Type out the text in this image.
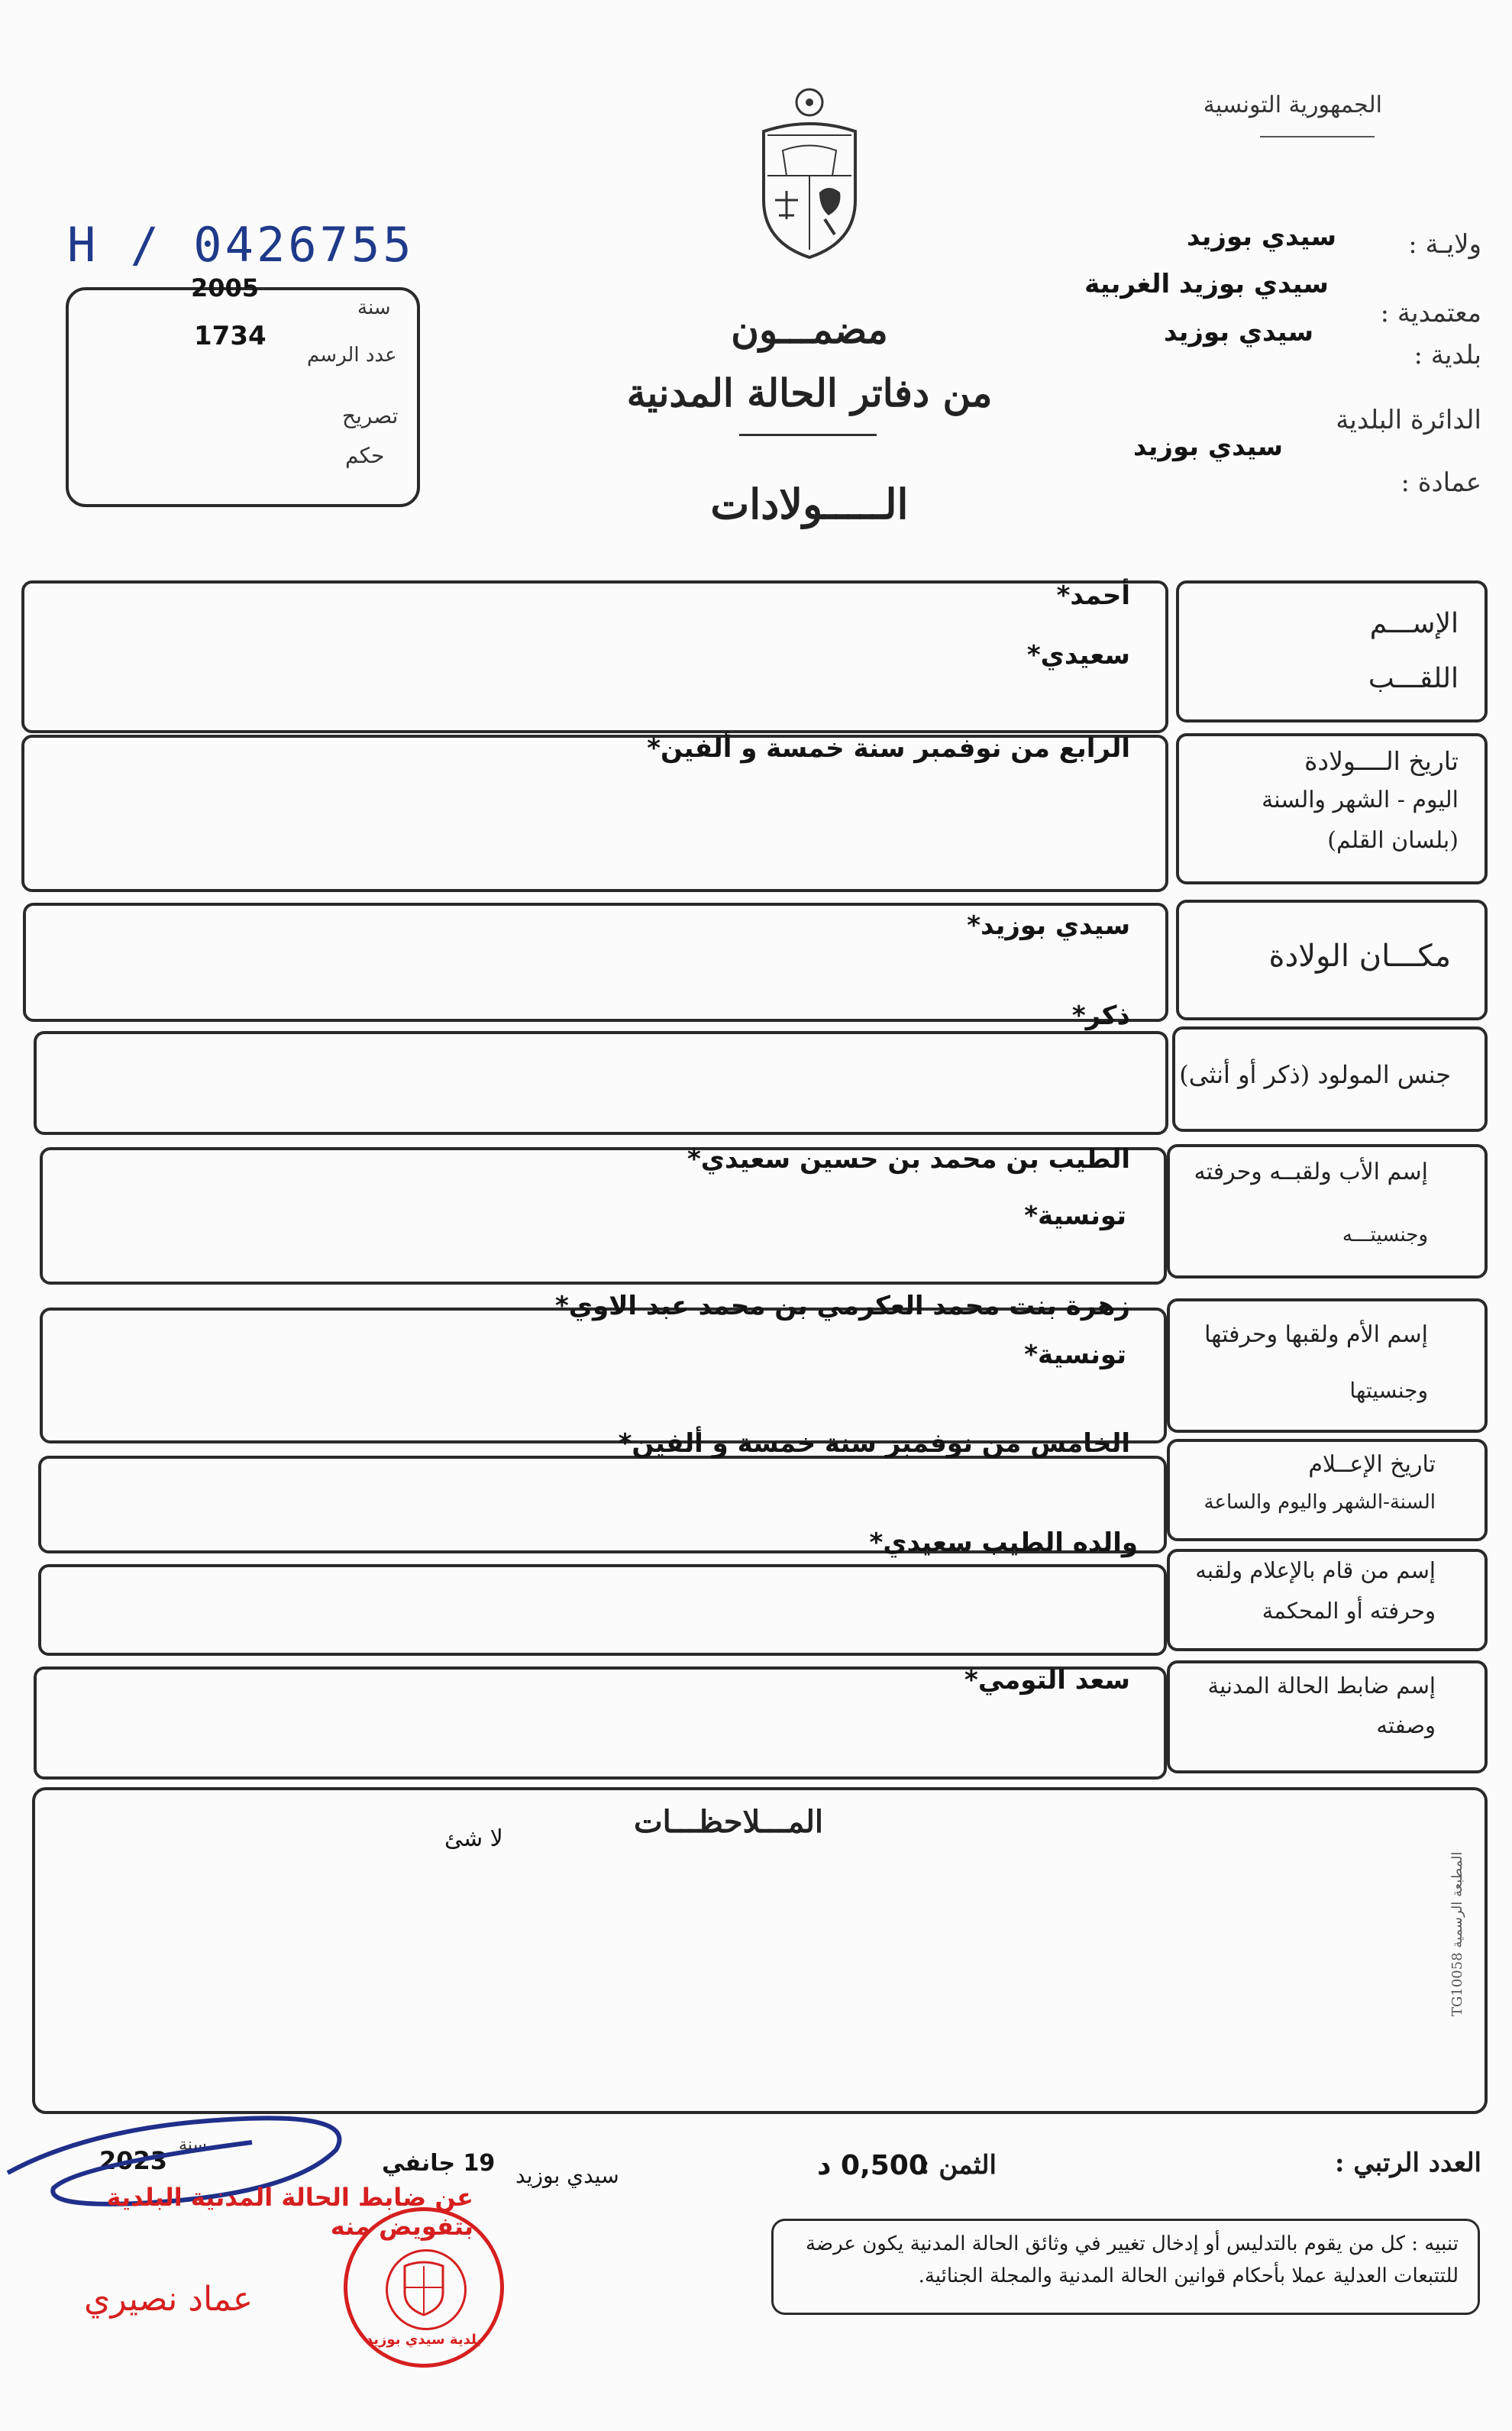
الجمهورية التونسية
ولايـة :
سيدي بوزيد
معتمدية :
سيدي بوزيد الغربية
بلدية :
سيدي بوزيد
الدائرة البلدية
سيدي بوزيد
عمادة :
H / 0426755
سنة
2005
عدد الرسم
1734
تصريح
حكم
مضمـــون
من دفاتر الحالة المدنية
الـــــولادات
الإســـم
اللقـــب
أحمد*
سعيدي*
تاريخ الــــولادة
اليوم - الشهر والسنة
(بلسان القلم)
الرابع من نوفمبر سنة خمسة و ألفين*
مكـــان الولادة
سيدي بوزيد*
جنس المولود (ذكر أو أنثى)
ذكر*
إسم الأب ولقبــه وحرفته
وجنسيتـــه
الطيب بن محمد بن حسين سعيدي*
تونسية*
إسم الأم ولقبها وحرفتها
وجنسيتها
زهرة بنت محمد العكرمي بن محمد عبد الاوي*
تونسية*
تاريخ الإعــلام
السنة-الشهر واليوم والساعة
الخامس من نوفمبر سنة خمسة و ألفين*
إسم من قام بالإعلام ولقبه
وحرفته أو المحكمة
والده الطيب سعيدي*
إسم ضابط الحالة المدنية
وصفته
سعد التومي*
المـــلاحظـــات
لا شئ
المطبعة الرسمية TG10058
العدد الرتبي :
الثمن :
0,500 د
سيدي بوزيد
19 جانفي
سنة
2023
تنبيه : كل من يقوم بالتدليس أو إدخال تغيير في وثائق الحالة المدنية يكون عرضة للتتبعات العدلية عملا بأحكام قوانين الحالة المدنية والمجلة الجنائية.
عن ضابط الحالة المدنية البلدية بتفويض منه
بلدية سيدي بوزيد
عماد نصيري
